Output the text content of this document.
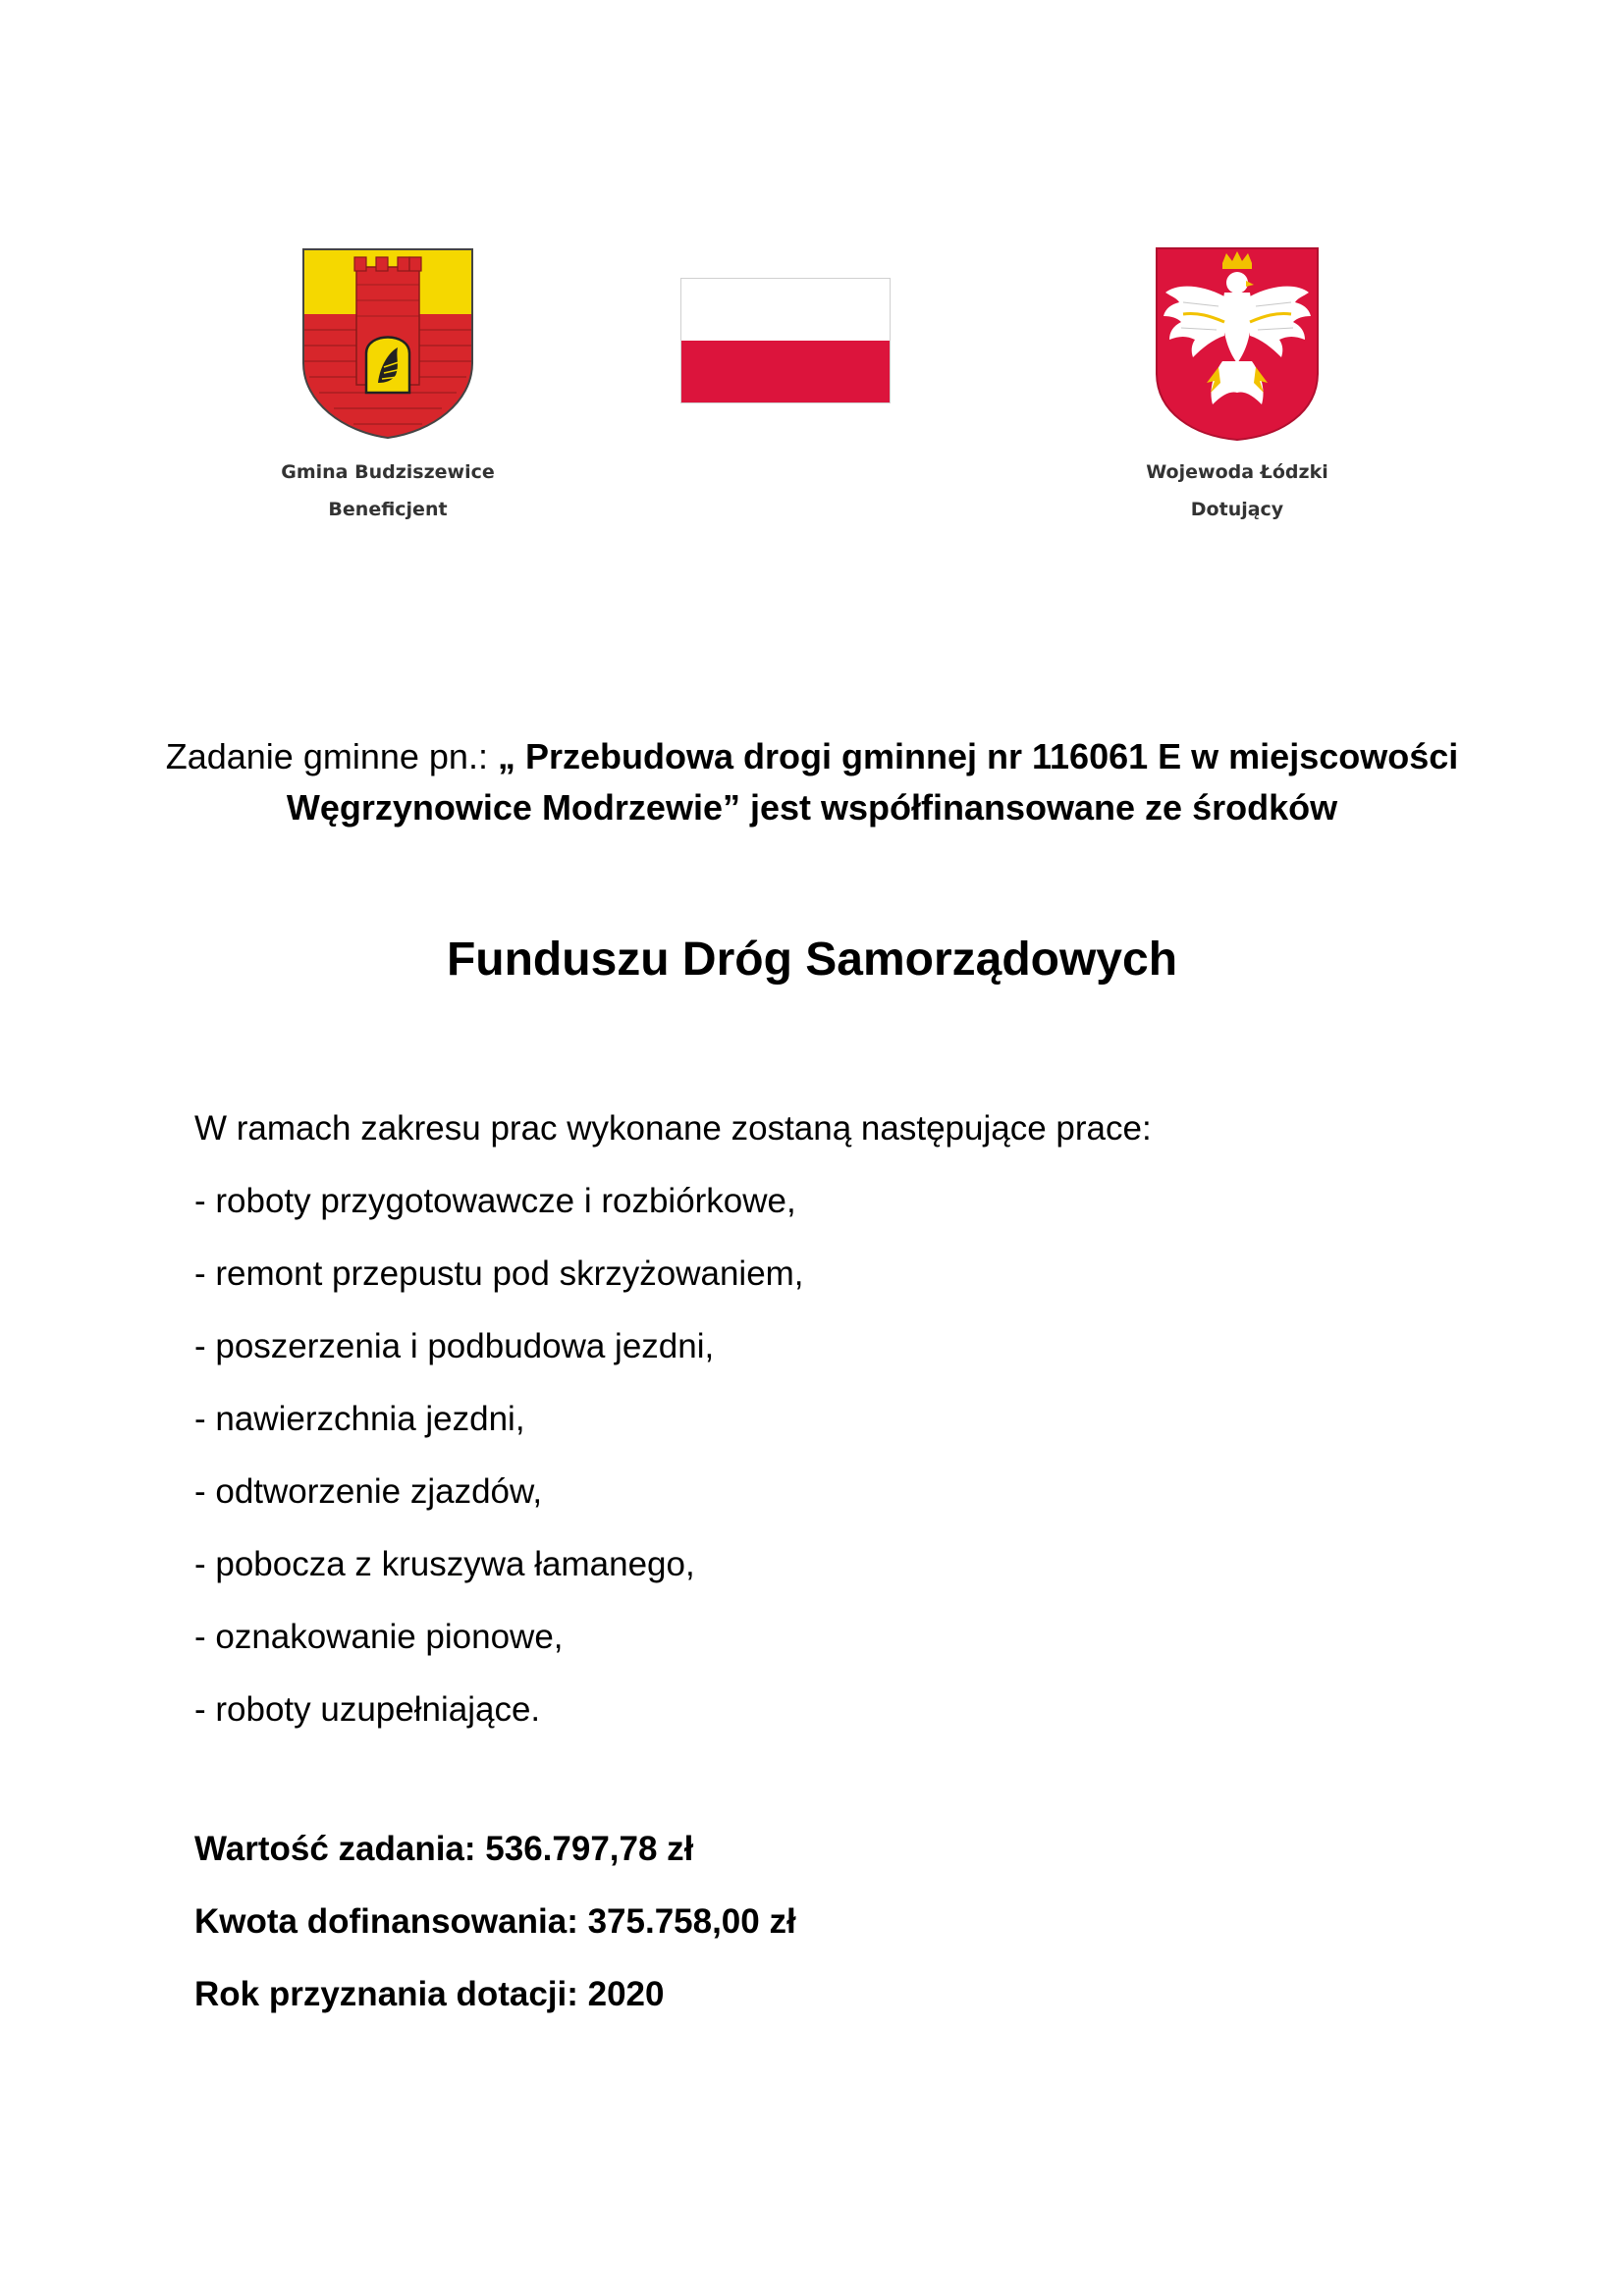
Gmina Budziszewice
Beneficjent
Wojewoda Łódzki
Dotujący
Zadanie gminne pn.: „ Przebudowa drogi gminnej nr 116061 E w miejscowości
Węgrzynowice Modrzewie” jest współfinansowane ze środków
Funduszu Dróg Samorządowych
W ramach zakresu prac wykonane zostaną następujące prace:
- roboty przygotowawcze i rozbiórkowe,
- remont przepustu pod skrzyżowaniem,
- poszerzenia i podbudowa jezdni,
- nawierzchnia jezdni,
- odtworzenie zjazdów,
- pobocza z kruszywa łamanego,
- oznakowanie pionowe,
- roboty uzupełniające.
Wartość zadania: 536.797,78 zł
Kwota dofinansowania: 375.758,00 zł
Rok przyznania dotacji: 2020
